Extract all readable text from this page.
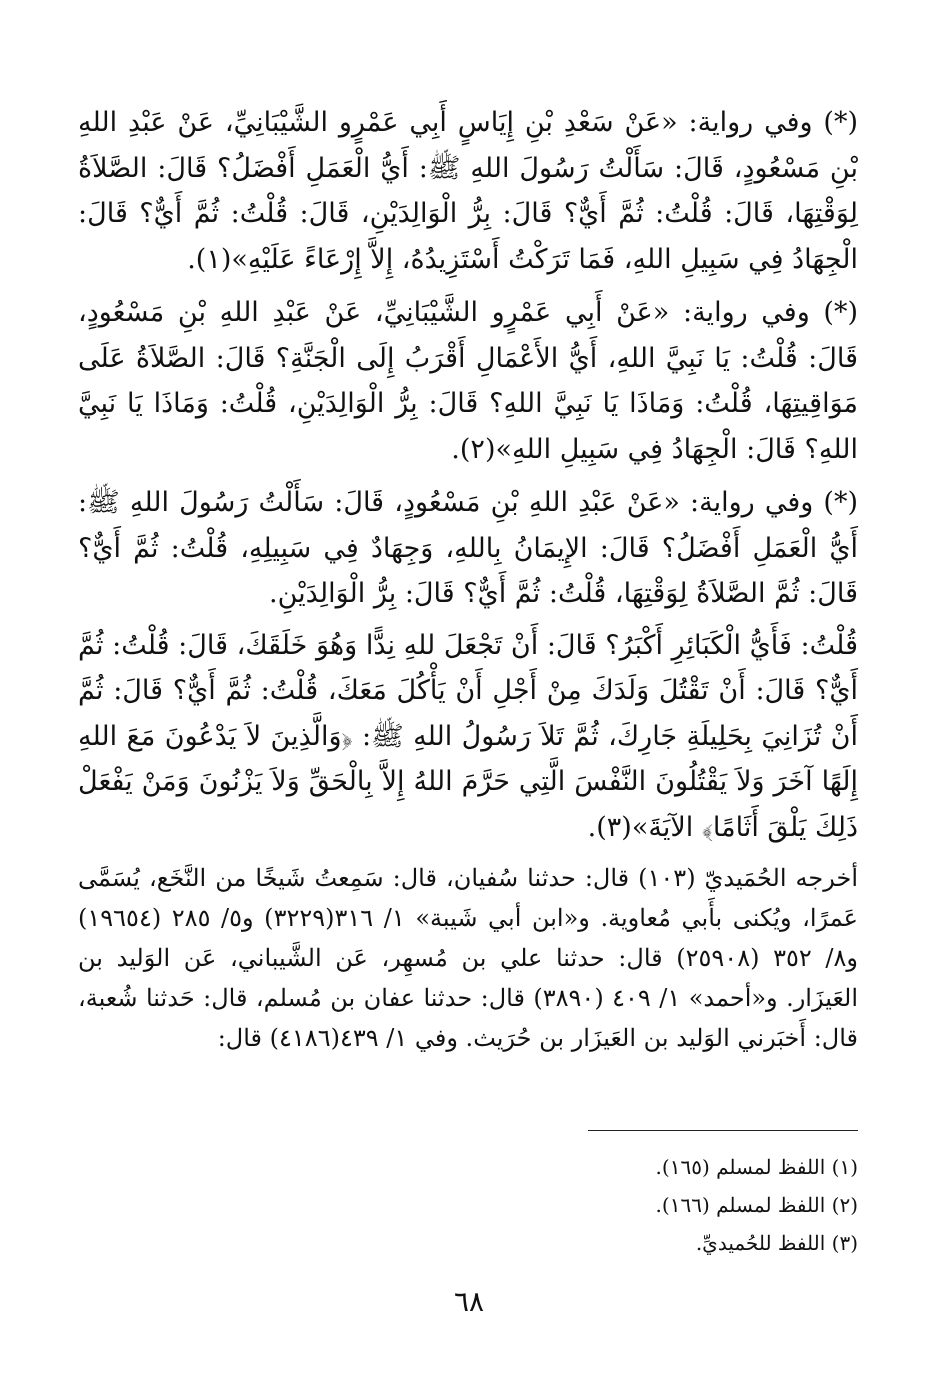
(*) وفي رواية: «عَنْ سَعْدِ بْنِ إِيَاسٍ أَبِي عَمْرٍو الشَّيْبَانِيِّ، عَنْ عَبْدِ اللهِ بْنِ مَسْعُودٍ، قَالَ: سَأَلْتُ رَسُولَ اللهِ ﷺ: أَيُّ الْعَمَلِ أَفْضَلُ؟ قَالَ: الصَّلاَةُ لِوَقْتِهَا، قَالَ: قُلْتُ: ثُمَّ أَيٌّ؟ قَالَ: بِرُّ الْوَالِدَيْنِ، قَالَ: قُلْتُ: ثُمَّ أَيٌّ؟ قَالَ: الْجِهَادُ فِي سَبِيلِ اللهِ، فَمَا تَرَكْتُ أَسْتَزِيدُهُ، إِلاَّ إِرْعَاءً عَلَيْهِ»(١).

(*) وفي رواية: «عَنْ أَبِي عَمْرٍو الشَّيْبَانِيِّ، عَنْ عَبْدِ اللهِ بْنِ مَسْعُودٍ، قَالَ: قُلْتُ: يَا نَبِيَّ اللهِ، أَيُّ الأَعْمَالِ أَقْرَبُ إِلَى الْجَنَّةِ؟ قَالَ: الصَّلاَةُ عَلَى مَوَاقِيتِهَا، قُلْتُ: وَمَاذَا يَا نَبِيَّ اللهِ؟ قَالَ: بِرُّ الْوَالِدَيْنِ، قُلْتُ: وَمَاذَا يَا نَبِيَّ اللهِ؟ قَالَ: الْجِهَادُ فِي سَبِيلِ اللهِ»(٢).

(*) وفي رواية: «عَنْ عَبْدِ اللهِ بْنِ مَسْعُودٍ، قَالَ: سَأَلْتُ رَسُولَ اللهِ ﷺ: أَيُّ الْعَمَلِ أَفْضَلُ؟ قَالَ: الإِيمَانُ بِاللهِ، وَجِهَادٌ فِي سَبِيلِهِ، قُلْتُ: ثُمَّ أَيٌّ؟ قَالَ: ثُمَّ الصَّلاَةُ لِوَقْتِهَا، قُلْتُ: ثُمَّ أَيٌّ؟ قَالَ: بِرُّ الْوَالِدَيْنِ.

قُلْتُ: فَأَيُّ الْكَبَائِرِ أَكْبَرُ؟ قَالَ: أَنْ تَجْعَلَ للهِ نِدًّا وَهُوَ خَلَقَكَ، قَالَ: قُلْتُ: ثُمَّ أَيٌّ؟ قَالَ: أَنْ تَقْتُلَ وَلَدَكَ مِنْ أَجْلِ أَنْ يَأْكُلَ مَعَكَ، قُلْتُ: ثُمَّ أَيٌّ؟ قَالَ: ثُمَّ أَنْ تُزَانِيَ بِحَلِيلَةِ جَارِكَ، ثُمَّ تَلاَ رَسُولُ اللهِ ﷺ: ﴿وَالَّذِينَ لاَ يَدْعُونَ مَعَ اللهِ إِلَهًا آخَرَ وَلاَ يَقْتُلُونَ النَّفْسَ الَّتِي حَرَّمَ اللهُ إِلاَّ بِالْحَقِّ وَلاَ يَزْنُونَ وَمَنْ يَفْعَلْ ذَلِكَ يَلْقَ أَثَامًا﴾ الآيَةَ»(٣).

أخرجه الحُمَيديّ (١٠٣) قال: حدثنا سُفيان، قال: سَمِعتُ شَيخًا من النَّخَع، يُسَمَّى عَمرًا، ويُكنى بأَبي مُعاوية. و«ابن أبي شَيبة» ١/ ٣١٦(٣٢٢٩) و٥/ ٢٨٥ (١٩٦٥٤) و٨/ ٣٥٢ (٢٥٩٠٨) قال: حدثنا علي بن مُسهِر، عَن الشَّيباني، عَن الوَليد بن العَيزَار. و«أحمد» ١/ ٤٠٩ (٣٨٩٠) قال: حدثنا عفان بن مُسلم، قال: حَدثنا شُعبة، قال: أَخبَرني الوَليد بن العَيزَار بن حُرَيث. وفي ١/ ٤٣٩(٤١٨٦) قال:
(١) اللفظ لمسلم (١٦٥).
(٢) اللفظ لمسلم (١٦٦).
(٣) اللفظ للحُميديِّ.
٦٨
